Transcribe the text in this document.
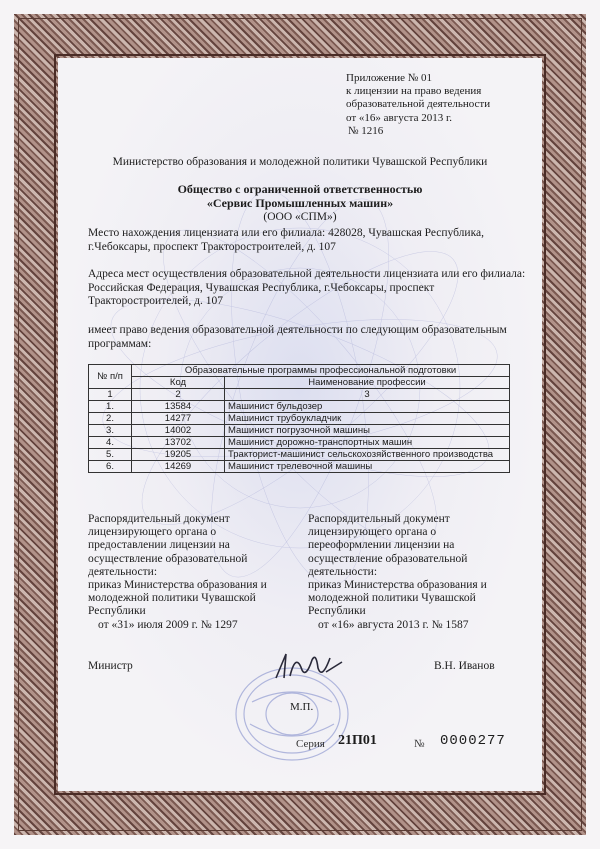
Приложение № 01
к лицензии на право ведения
образовательной деятельности
от «16» августа 2013 г.
№ 1216
Министерство образования и молодежной политики Чувашской Республики
Общество с ограниченной ответственностью
«Сервис Промышленных машин»
(ООО «СПМ»)
Место нахождения лицензиата или его филиала: 428028, Чувашская Республика, г.Чебоксары, проспект Тракторостроителей, д. 107
Адреса мест осуществления образовательной деятельности лицензиата или его филиала: Российская Федерация, Чувашская Республика, г.Чебоксары, проспект Тракторостроителей, д. 107
имеет право ведения образовательной деятельности по следующим образовательным программам:
№ п/п	Образовательные программы профессиональной подготовки	
	Код	Наименование профессии
1	2	3
1.	13584	Машинист бульдозер
2.	14277	Машинист трубоукладчик
3.	14002	Машинист погрузочной машины
4.	13702	Машинист дорожно-транспортных машин
5.	19205	Тракторист-машинист сельскохозяйственного производства
6.	14269	Машинист трелевочной машины
Распорядительный документ
лицензирующего органа о
предоставлении лицензии на
осуществление образовательной
деятельности:
приказ Министерства образования и
молодежной политики Чувашской
Республики
от «31» июля 2009 г. № 1297
Распорядительный документ
лицензирующего органа о
переоформлении лицензии на
осуществление образовательной
деятельности:
приказ Министерства образования и
молодежной политики Чувашской
Республики
от «16» августа 2013 г. № 1587
Министр	В.Н. Иванов
М.П.
Серия 21П01	№ 0000277
